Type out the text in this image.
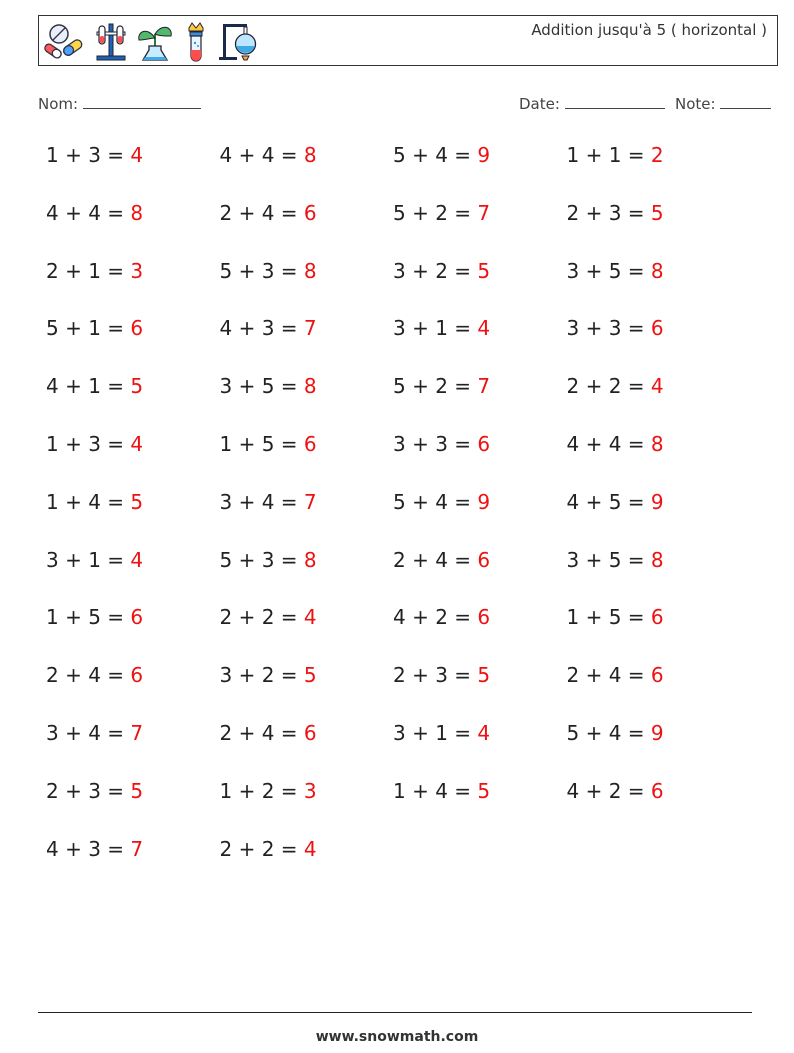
Addition jusqu'à 5 ( horizontal )
Nom:	Date:	Note:
1 + 3 = 4	4 + 4 = 8	5 + 4 = 9	1 + 1 = 2
4 + 4 = 8	2 + 4 = 6	5 + 2 = 7	2 + 3 = 5
2 + 1 = 3	5 + 3 = 8	3 + 2 = 5	3 + 5 = 8
5 + 1 = 6	4 + 3 = 7	3 + 1 = 4	3 + 3 = 6
4 + 1 = 5	3 + 5 = 8	5 + 2 = 7	2 + 2 = 4
1 + 3 = 4	1 + 5 = 6	3 + 3 = 6	4 + 4 = 8
1 + 4 = 5	3 + 4 = 7	5 + 4 = 9	4 + 5 = 9
3 + 1 = 4	5 + 3 = 8	2 + 4 = 6	3 + 5 = 8
1 + 5 = 6	2 + 2 = 4	4 + 2 = 6	1 + 5 = 6
2 + 4 = 6	3 + 2 = 5	2 + 3 = 5	2 + 4 = 6
3 + 4 = 7	2 + 4 = 6	3 + 1 = 4	5 + 4 = 9
2 + 3 = 5	1 + 2 = 3	1 + 4 = 5	4 + 2 = 6
4 + 3 = 7	2 + 2 = 4
www.snowmath.com
